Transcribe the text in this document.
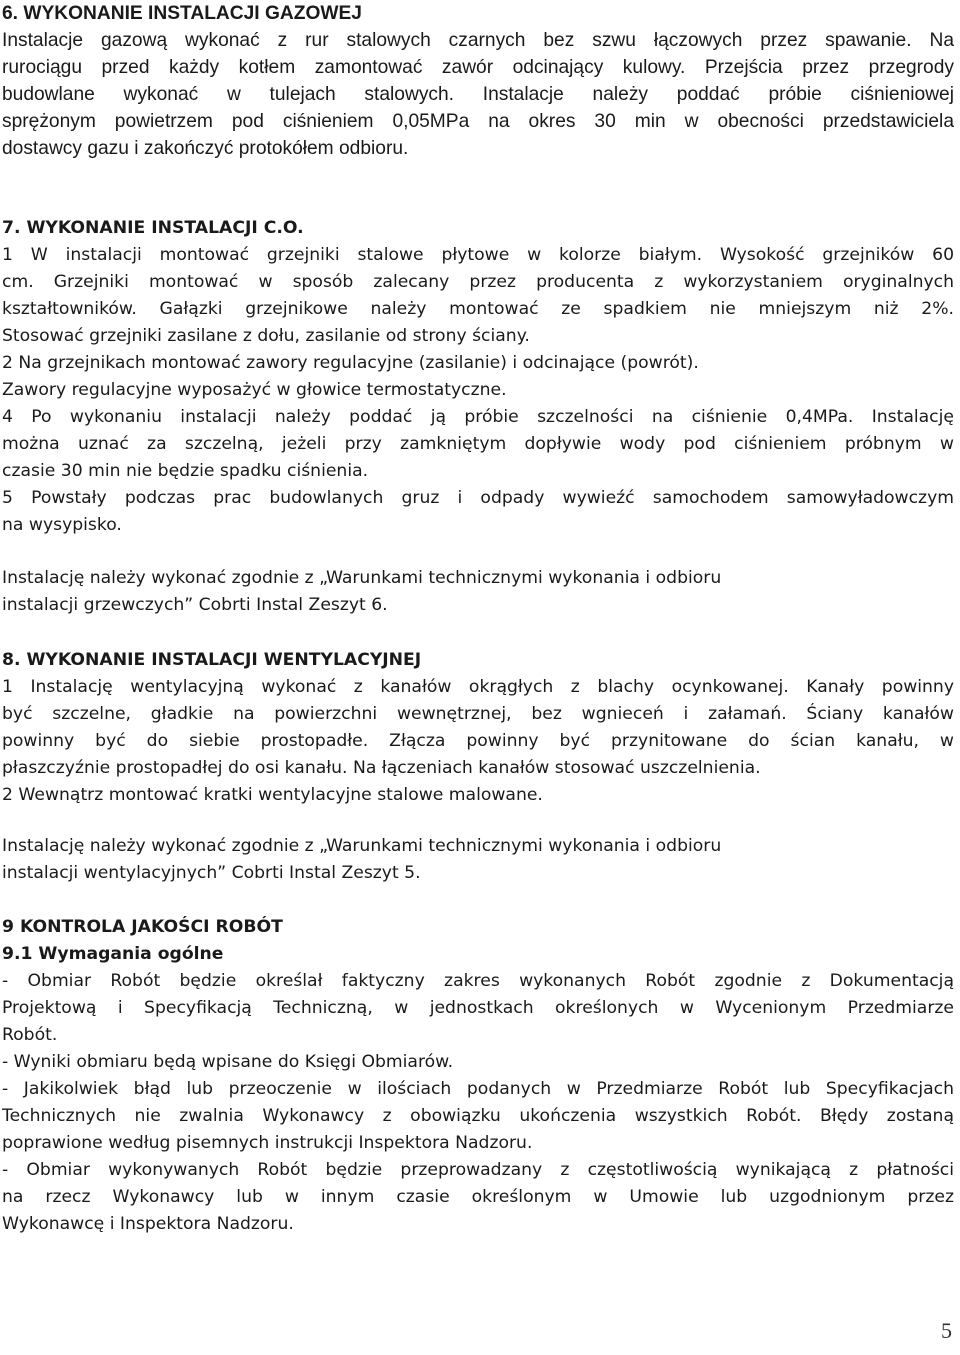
6. WYKONANIE INSTALACJI GAZOWEJ
Instalacje gazową wykonać z rur stalowych czarnych bez szwu łączowych przez spawanie. Na
rurociągu przed każdy kotłem zamontować zawór odcinający kulowy. Przejścia przez przegrody
budowlane wykonać w tulejach stalowych. Instalacje należy poddać próbie ciśnieniowej
sprężonym powietrzem pod ciśnieniem 0,05MPa na okres 30 min w obecności przedstawiciela
dostawcy gazu i zakończyć protokółem odbioru.
7. WYKONANIE INSTALACJI C.O.
1 W instalacji montować grzejniki stalowe płytowe w kolorze białym. Wysokość grzejników 60
cm. Grzejniki montować w sposób zalecany przez producenta z wykorzystaniem oryginalnych
kształtowników. Gałązki grzejnikowe należy montować ze spadkiem nie mniejszym niż 2%.
Stosować grzejniki zasilane z dołu, zasilanie od strony ściany.
2 Na grzejnikach montować zawory regulacyjne (zasilanie) i odcinające (powrót).
Zawory regulacyjne wyposażyć w głowice termostatyczne.
4 Po wykonaniu instalacji należy poddać ją próbie szczelności na ciśnienie 0,4MPa. Instalację
można uznać za szczelną, jeżeli przy zamkniętym dopływie wody pod ciśnieniem próbnym w
czasie 30 min nie będzie spadku ciśnienia.
5 Powstały podczas prac budowlanych gruz i odpady wywieźć samochodem samowyładowczym
na wysypisko.
Instalację należy wykonać zgodnie z „Warunkami technicznymi wykonania i odbioru
instalacji grzewczych” Cobrti Instal Zeszyt 6.
8. WYKONANIE INSTALACJI WENTYLACYJNEJ
1 Instalację wentylacyjną wykonać z kanałów okrągłych z blachy ocynkowanej. Kanały powinny
być szczelne, gładkie na powierzchni wewnętrznej, bez wgnieceń i załamań. Ściany kanałów
powinny być do siebie prostopadłe. Złącza powinny być przynitowane do ścian kanału, w
płaszczyźnie prostopadłej do osi kanału. Na łączeniach kanałów stosować uszczelnienia.
2 Wewnątrz montować kratki wentylacyjne stalowe malowane.
Instalację należy wykonać zgodnie z „Warunkami technicznymi wykonania i odbioru
instalacji wentylacyjnych” Cobrti Instal Zeszyt 5.
9 KONTROLA JAKOŚCI ROBÓT
9.1 Wymagania ogólne
- Obmiar Robót będzie określał faktyczny zakres wykonanych Robót zgodnie z Dokumentacją
Projektową i Specyfikacją Techniczną, w jednostkach określonych w Wycenionym Przedmiarze
Robót.
- Wyniki obmiaru będą wpisane do Księgi Obmiarów.
- Jakikolwiek błąd lub przeoczenie w ilościach podanych w Przedmiarze Robót lub Specyfikacjach
Technicznych nie zwalnia Wykonawcy z obowiązku ukończenia wszystkich Robót. Błędy zostaną
poprawione według pisemnych instrukcji Inspektora Nadzoru.
- Obmiar wykonywanych Robót będzie przeprowadzany z częstotliwością wynikającą z płatności
na rzecz Wykonawcy lub w innym czasie określonym w Umowie lub uzgodnionym przez
Wykonawcę i Inspektora Nadzoru.
5
